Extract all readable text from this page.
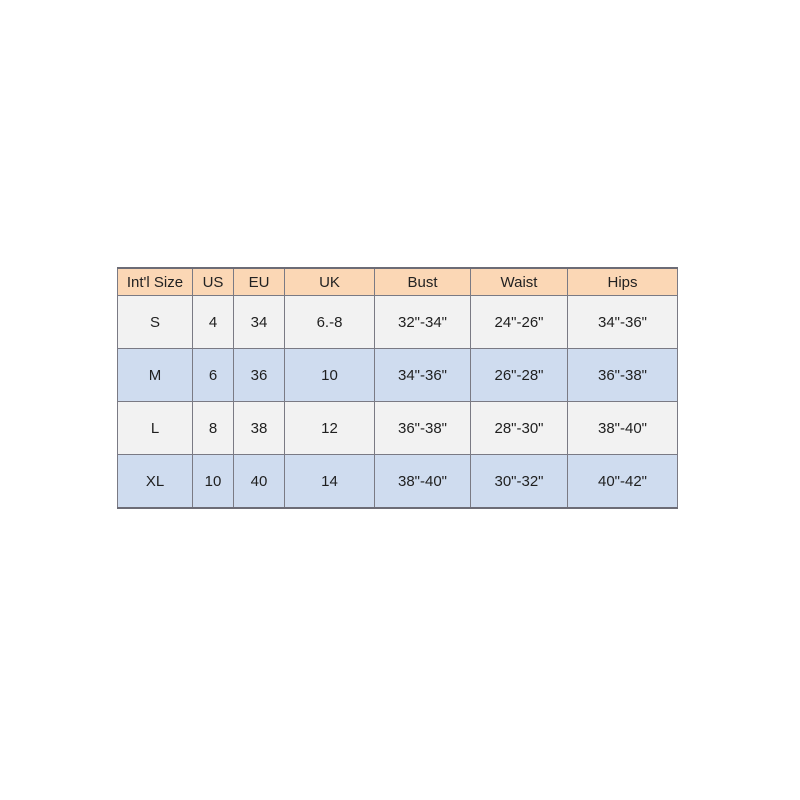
Int'l Size	US	EU	UK	Bust	Waist	Hips
S	4	34	6.-8	32"-34"	24"-26"	34"-36"
M	6	36	10	34"-36"	26"-28"	36"-38"
L	8	38	12	36"-38"	28"-30"	38"-40"
XL	10	40	14	38"-40"	30"-32"	40"-42"
